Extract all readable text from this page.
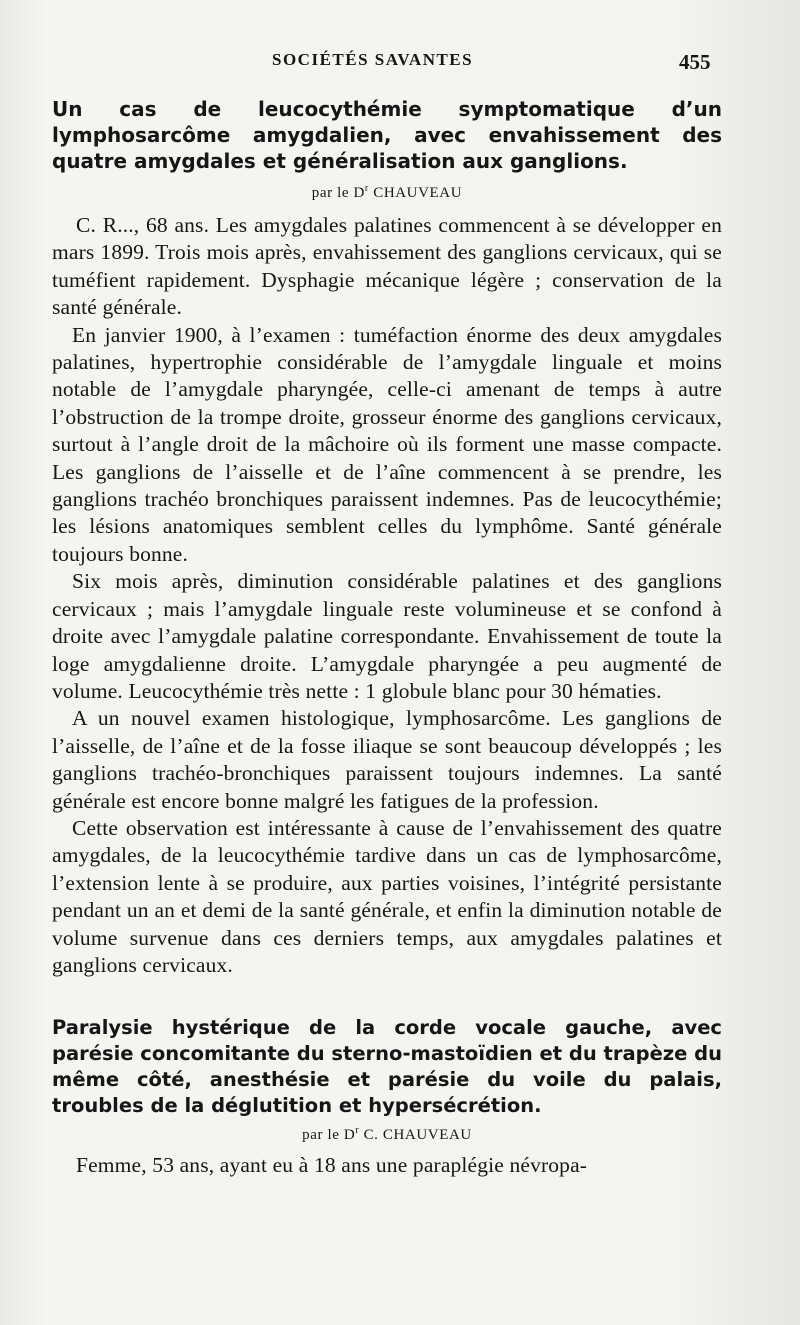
SOCIÉTÉS SAVANTES	455
Un cas de leucocythémie symptomatique d’un lymphosarcôme amygdalien, avec envahissement des quatre amygdales et généralisation aux ganglions.
par le $D^r$ CHAUVEAU

C. R..., 68 ans. Les amygdales palatines commencent à se développer en mars 1899. Trois mois après, envahissement des ganglions cervicaux, qui se tuméfient rapidement. Dysphagie mécanique légère ; conservation de la santé générale.

En janvier 1900, à l’examen : tuméfaction énorme des deux amygdales palatines, hypertrophie considérable de l’amygdale linguale et moins notable de l’amygdale pharyngée, celle-ci amenant de temps à autre l’obstruction de la trompe droite, grosseur énorme des ganglions cervicaux, surtout à l’angle droit de la mâchoire où ils forment une masse compacte. Les ganglions de l’aisselle et de l’aîne commencent à se prendre, les ganglions trachéo bronchiques paraissent indemnes. Pas de leucocythémie; les lésions anatomiques semblent celles du lymphôme. Santé générale toujours bonne.

Six mois après, diminution considérable palatines et des ganglions cervicaux ; mais l’amygdale linguale reste volumineuse et se confond à droite avec l’amygdale palatine correspondante. Envahissement de toute la loge amygdalienne droite. L’amygdale pharyngée a peu augmenté de volume. Leucocythémie très nette : 1 globule blanc pour 30 hématies.

A un nouvel examen histologique, lymphosarcôme. Les ganglions de l’aisselle, de l’aîne et de la fosse iliaque se sont beaucoup développés ; les ganglions trachéo-bronchiques paraissent toujours indemnes. La santé générale est encore bonne malgré les fatigues de la profession.

Cette observation est intéressante à cause de l’envahissement des quatre amygdales, de la leucocythémie tardive dans un cas de lymphosarcôme, l’extension lente à se produire, aux parties voisines, l’intégrité persistante pendant un an et demi de la santé générale, et enfin la diminution notable de volume survenue dans ces derniers temps, aux amygdales palatines et ganglions cervicaux.

Paralysie hystérique de la corde vocale gauche, avec parésie concomitante du sterno-mastoïdien et du trapèze du même côté, anesthésie et parésie du voile du palais, troubles de la déglutition et hypersécrétion.
par le $D^r$ C. CHAUVEAU

Femme, 53 ans, ayant eu à 18 ans une paraplégie névropa-
